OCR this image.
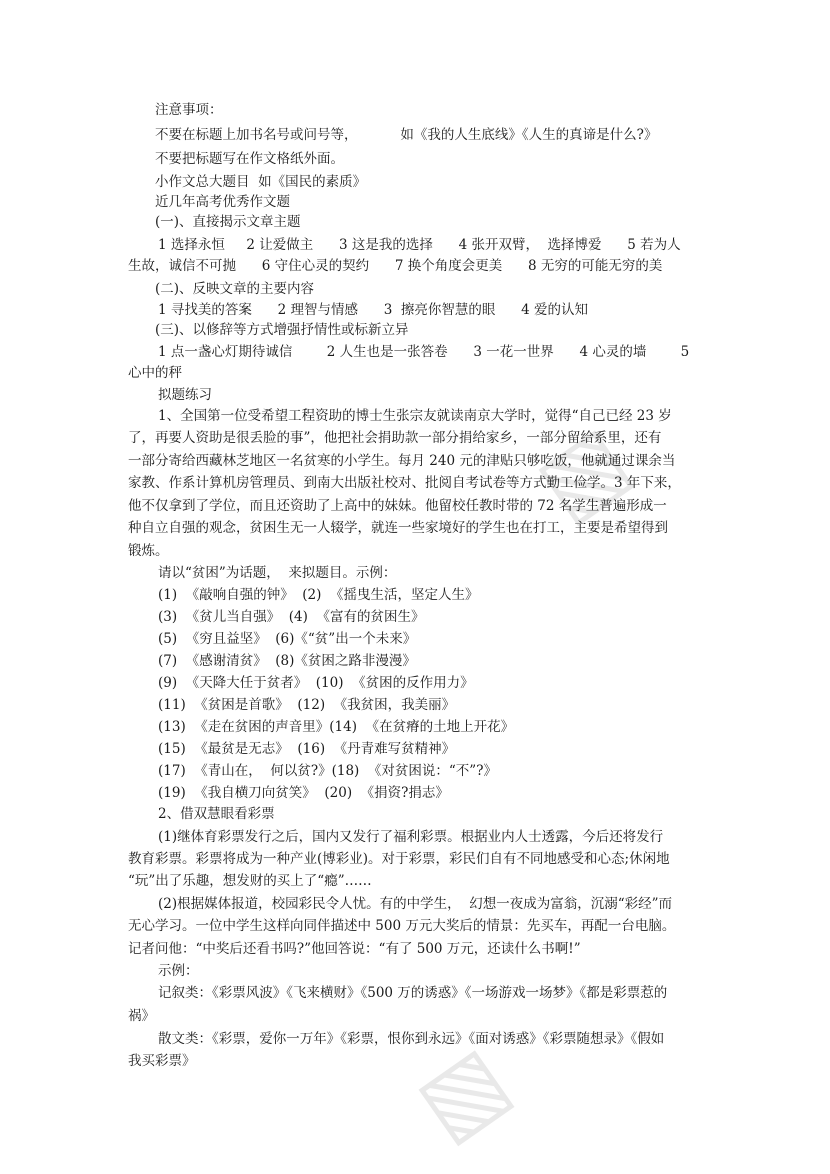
▧
▧
注意事项：
不要在标题上加书名号或问号等，          如《我的人生底线》《人生的真谛是什么?》
不要把标题写在作文格纸外面。
小作文总大题目  如《国民的素质》
近几年高考优秀作文题
(一)、直接揭示文章主题
1 选择永恒     2 让爱做主      3 这是我的选择      4 张开双臂，  选择博爱      5 若为人
生故，诚信不可抛      6 守住心灵的契约      7 换个角度会更美      8 无穷的可能无穷的美
(二)、反映文章的主要内容
1 寻找美的答案      2 理智与情感      3  擦亮你智慧的眼      4 爱的认知
(三)、以修辞等方式增强抒情性或标新立异
1 点一盏心灯期待诚信        2 人生也是一张答卷      3 一花一世界      4 心灵的墙        5
心中的秤
拟题练习
1、全国第一位受希望工程资助的博士生张宗友就读南京大学时，觉得“自己已经 23 岁
了，再要人资助是很丢脸的事”，他把社会捐助款一部分捐给家乡，一部分留给系里，还有
一部分寄给西藏林芝地区一名贫寒的小学生。每月 240 元的津贴只够吃饭，他就通过课余当
家教、作系计算机房管理员、到南大出版社校对、批阅自考试卷等方式勤工俭学。3 年下来，
他不仅拿到了学位，而且还资助了上高中的妹妹。他留校任教时带的 72 名学生普遍形成一
种自立自强的观念，贫困生无一人辍学，就连一些家境好的学生也在打工，主要是希望得到
锻炼。
请以“贫困”为话题，  来拟题目。示例：
(1)  《敲响自强的钟》  (2)  《摇曳生活，坚定人生》
(3)  《贫儿当自强》  (4)  《富有的贫困生》
(5)  《穷且益坚》  (6)《“贫”出一个未来》
(7)  《感谢清贫》  (8)《贫困之路非漫漫》
(9)  《天降大任于贫者》  (10)  《贫困的反作用力》
(11)  《贫困是首歌》  (12)  《我贫困，我美丽》
(13)  《走在贫困的声音里》(14)  《在贫瘠的土地上开花》
(15)  《最贫是无志》  (16)  《丹青难写贫精神》
(17)  《青山在，  何以贫?》(18)  《对贫困说：“不”?》
(19)  《我自横刀向贫笑》  (20)  《捐资?捐志》
2、借双慧眼看彩票
(1)继体育彩票发行之后，国内又发行了福利彩票。根据业内人士透露，今后还将发行
教育彩票。彩票将成为一种产业(博彩业)。对于彩票，彩民们自有不同地感受和心态;休闲地
“玩”出了乐趣，想发财的买上了“瘾”……
(2)根据媒体报道，校园彩民令人忧。有的中学生，  幻想一夜成为富翁，沉溺“彩经”而
无心学习。一位中学生这样向同伴描述中 500 万元大奖后的情景：先买车，再配一台电脑。
记者问他：“中奖后还看书吗?”他回答说：“有了 500 万元，还读什么书啊!”
示例：
记叙类：《彩票风波》《飞来横财》《500 万的诱惑》《一场游戏一场梦》《都是彩票惹的
祸》
散文类：《彩票，爱你一万年》《彩票，恨你到永远》《面对诱惑》《彩票随想录》《假如
我买彩票》
